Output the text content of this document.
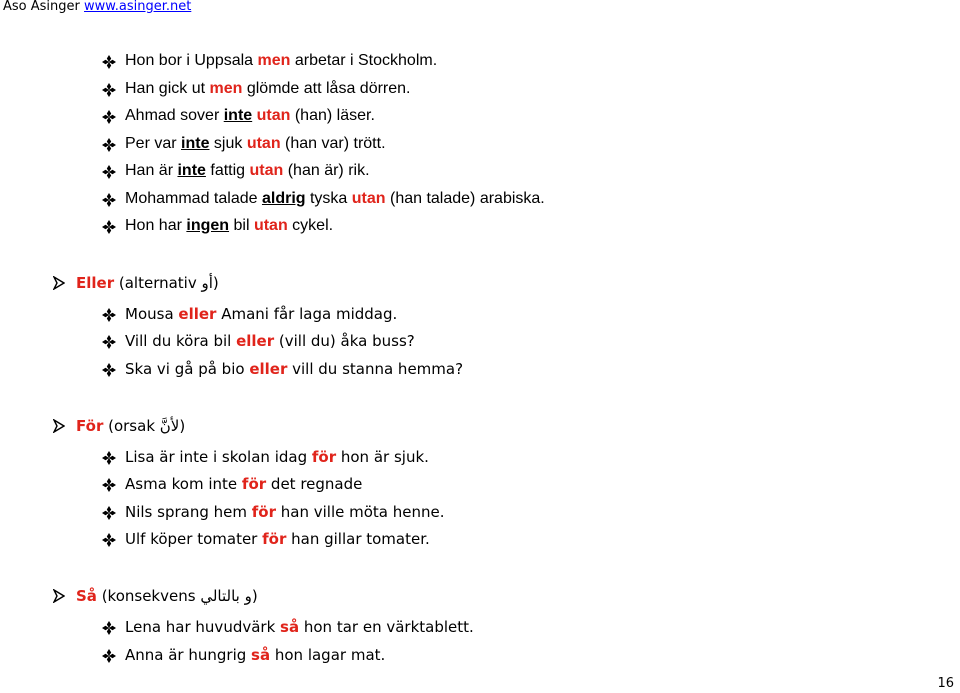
Aso Asinger www.asinger.net
Hon bor i Uppsala men arbetar i Stockholm.
Han gick ut men glömde att låsa dörren.
Ahmad sover inte utan (han) läser.
Per var inte sjuk utan (han var) trött.
Han är inte fattig utan (han är) rik.
Mohammad talade aldrig tyska utan (han talade) arabiska.
Hon har ingen bil utan cykel.
Eller (alternativ أو)
Mousa eller Amani får laga middag.
Vill du köra bil eller (vill du) åka buss?
Ska vi gå på bio eller vill du stanna hemma?
För (orsak لأنَّ)
Lisa är inte i skolan idag för hon är sjuk.
Asma kom inte för det regnade
Nils sprang hem för han ville möta henne.
Ulf köper tomater för han gillar tomater.
Så (konsekvens و بالتالي)
Lena har huvudvärk så hon tar en värktablett.
Anna är hungrig så hon lagar mat.
16
